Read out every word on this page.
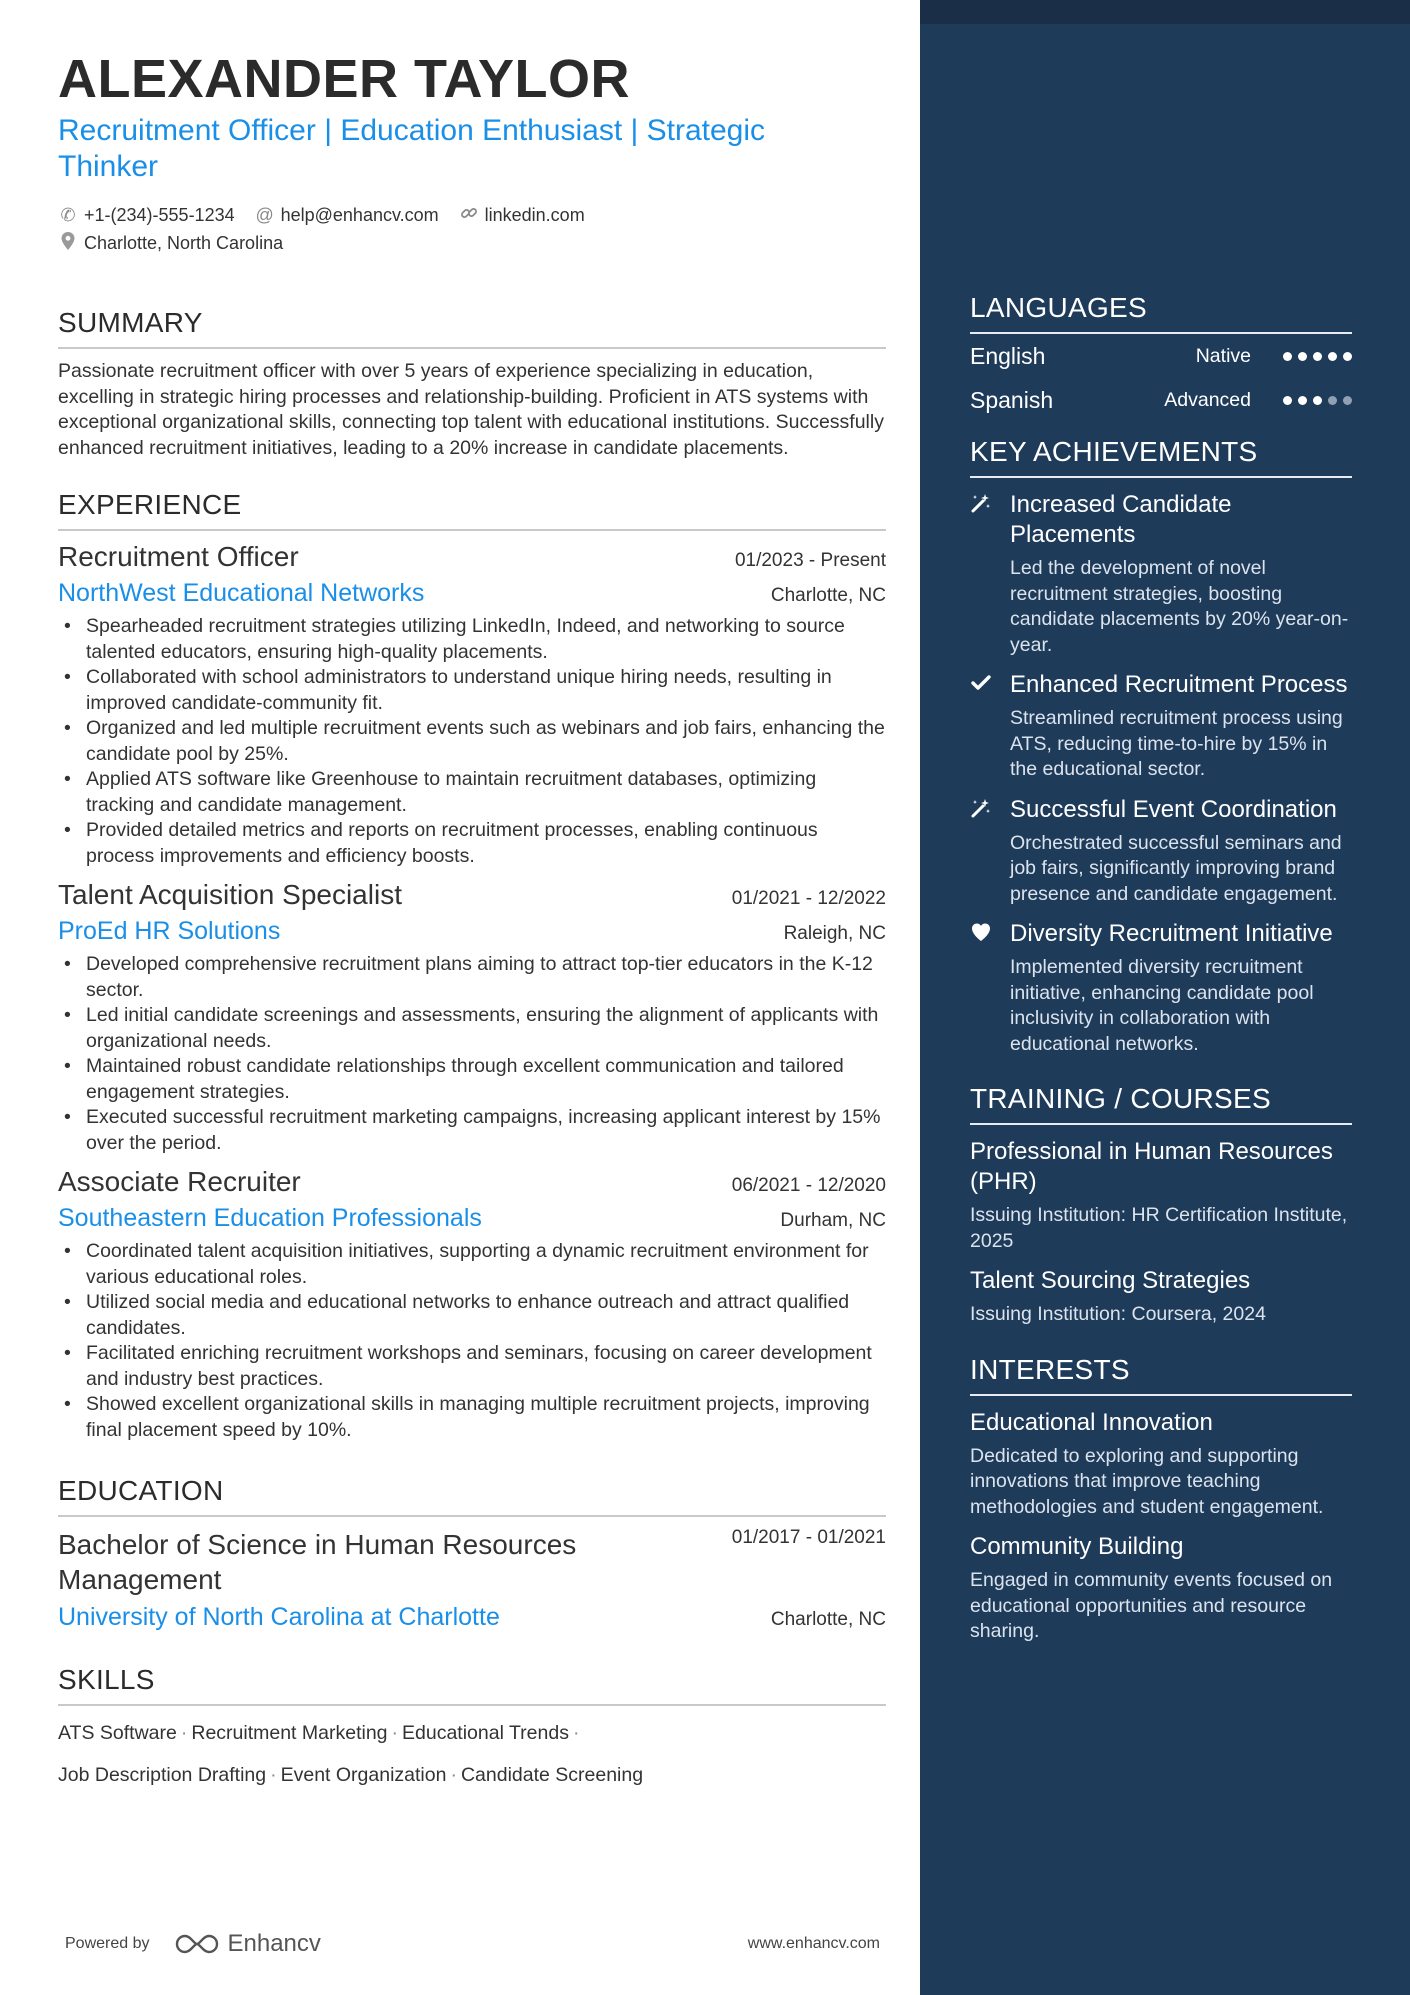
ALEXANDER TAYLOR
Recruitment Officer | Education Enthusiast | Strategic Thinker
✆ +1-(234)-555-1234 @ help@enhancv.com	linkedin.com
Charlotte, North Carolina
SUMMARY
Passionate recruitment officer with over 5 years of experience specializing in education, excelling in strategic hiring processes and relationship-building. Proficient in ATS systems with exceptional organizational skills, connecting top talent with educational institutions. Successfully enhanced recruitment initiatives, leading to a 20% increase in candidate placements.
EXPERIENCE
Recruitment Officer	01/2023 - Present
NorthWest Educational Networks	Charlotte, NC
• Spearheaded recruitment strategies utilizing LinkedIn, Indeed, and networking to source talented educators, ensuring high-quality placements.
• Collaborated with school administrators to understand unique hiring needs, resulting in improved candidate-community fit.
• Organized and led multiple recruitment events such as webinars and job fairs, enhancing the candidate pool by 25%.
• Applied ATS software like Greenhouse to maintain recruitment databases, optimizing tracking and candidate management.
• Provided detailed metrics and reports on recruitment processes, enabling continuous process improvements and efficiency boosts.
Talent Acquisition Specialist	01/2021 - 12/2022
ProEd HR Solutions	Raleigh, NC
• Developed comprehensive recruitment plans aiming to attract top-tier educators in the K-12 sector.
• Led initial candidate screenings and assessments, ensuring the alignment of applicants with organizational needs.
• Maintained robust candidate relationships through excellent communication and tailored engagement strategies.
• Executed successful recruitment marketing campaigns, increasing applicant interest by 15% over the period.
Associate Recruiter	06/2021 - 12/2020
Southeastern Education Professionals	Durham, NC
• Coordinated talent acquisition initiatives, supporting a dynamic recruitment environment for various educational roles.
• Utilized social media and educational networks to enhance outreach and attract qualified candidates.
• Facilitated enriching recruitment workshops and seminars, focusing on career development and industry best practices.
• Showed excellent organizational skills in managing multiple recruitment projects, improving final placement speed by 10%.
EDUCATION
Bachelor of Science in Human Resources Management
01/2017 - 01/2021
University of North Carolina at Charlotte	Charlotte, NC
SKILLS
ATS Software · Recruitment Marketing · Educational Trends ·
Job Description Drafting · Event Organization · Candidate Screening
Powered by	Enhancv	www.enhancv.com
LANGUAGES
English	Native
Spanish	Advanced
KEY ACHIEVEMENTS
Increased Candidate Placements
Led the development of novel recruitment strategies, boosting candidate placements by 20% year-on-year.
Enhanced Recruitment Process
Streamlined recruitment process using ATS, reducing time-to-hire by 15% in the educational sector.
Successful Event Coordination
Orchestrated successful seminars and job fairs, significantly improving brand presence and candidate engagement.
Diversity Recruitment Initiative
Implemented diversity recruitment initiative, enhancing candidate pool inclusivity in collaboration with educational networks.
TRAINING / COURSES
Professional in Human Resources (PHR)
Issuing Institution: HR Certification Institute, 2025
Talent Sourcing Strategies
Issuing Institution: Coursera, 2024
INTERESTS
Educational Innovation
Dedicated to exploring and supporting innovations that improve teaching methodologies and student engagement.
Community Building
Engaged in community events focused on educational opportunities and resource sharing.
